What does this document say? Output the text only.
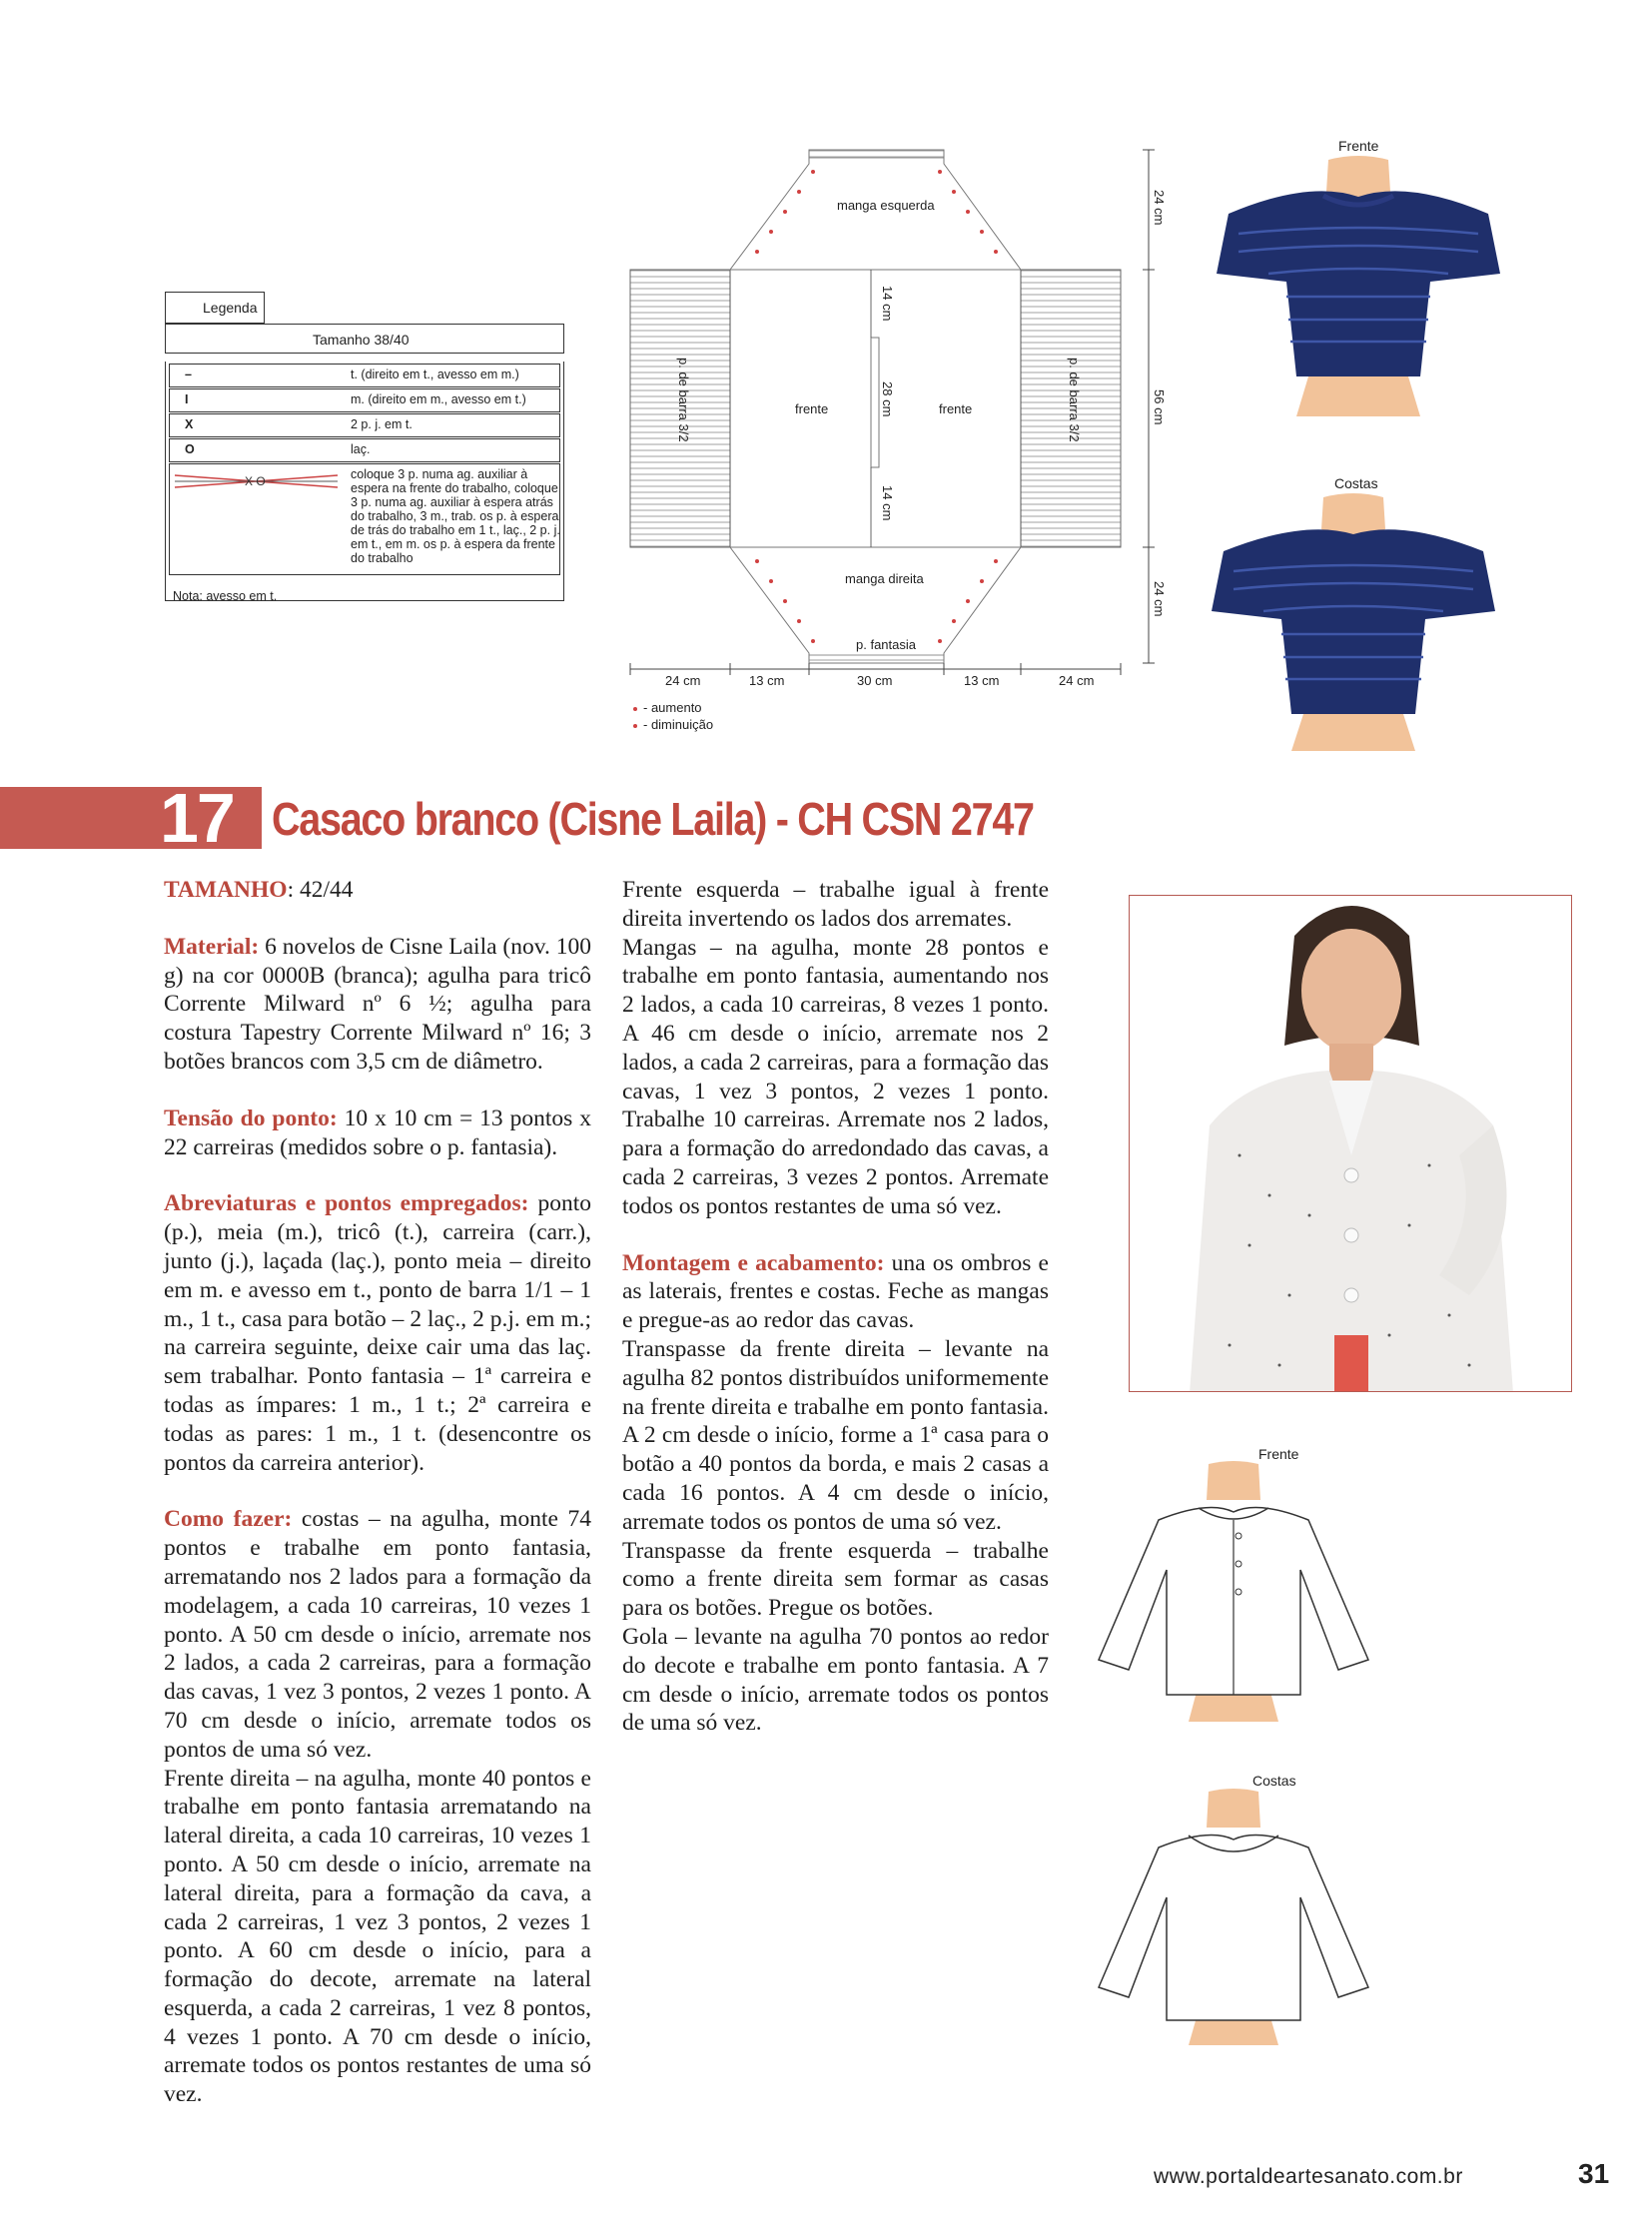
Legenda
Tamanho 38/40
–	t. (direito em t., avesso em m.)
I	m. (direito em m., avesso em t.)
X	2 p. j. em t.
O	laç.
X O	coloque 3 p. numa ag. auxiliar à espera na frente do trabalho, coloque 3 p. numa ag. auxiliar à espera atrás do trabalho, 3 m., trab. os p. à espera de trás do trabalho em 1 t., laç., 2 p. j. em t., em m. os p. à espera da frente do trabalho
Nota: avesso em t.
manga esquerda
manga direita
frente	frente
p. fantasia
p. de barra 3/2	p. de barra 3/2
24 cm
56 cm
24 cm
14 cm
28 cm
14 cm
24 cm	13 cm	30 cm	13 cm	24 cm
- aumento
- diminuição
Frente
Costas
17 Casaco branco (Cisne Laila) - CH CSN 2747

TAMANHO: 42/44

Material: 6 novelos de Cisne Laila (nov. 100 g) na cor 0000B (branca); agulha para tricô Corrente Milward nº 6 ½; agulha para costura Tapestry Corrente Milward nº 16; 3 botões brancos com 3,5 cm de diâmetro.

Tensão do ponto: 10 x 10 cm = 13 pontos x 22 carreiras (medidos sobre o p. fantasia).

Abreviaturas e pontos empregados: ponto (p.), meia (m.), tricô (t.), carreira (carr.), junto (j.), laçada (laç.), ponto meia – direito em m. e avesso em t., ponto de barra 1/1 – 1 m., 1 t., casa para botão – 2 laç., 2 p.j. em m.; na carreira seguinte, deixe cair uma das laç. sem trabalhar. Ponto fantasia – 1ª carreira e todas as ímpares: 1 m., 1 t.; 2ª carreira e todas as pares: 1 m., 1 t. (desencontre os pontos da carreira anterior).

Como fazer: costas – na agulha, monte 74 pontos e trabalhe em ponto fantasia, arrematando nos 2 lados para a formação da modelagem, a cada 10 carreiras, 10 vezes 1 ponto. A 50 cm desde o início, arremate nos 2 lados, a cada 2 carreiras, para a formação das cavas, 1 vez 3 pontos, 2 vezes 1 ponto. A 70 cm desde o início, arremate todos os pontos de uma só vez.

Frente direita – na agulha, monte 40 pontos e trabalhe em ponto fantasia arrematando na lateral direita, a cada 10 carreiras, 10 vezes 1 ponto. A 50 cm desde o início, arremate na lateral direita, para a formação da cava, a cada 2 carreiras, 1 vez 3 pontos, 2 vezes 1 ponto. A 60 cm desde o início, para a formação do decote, arremate na lateral esquerda, a cada 2 carreiras, 1 vez 8 pontos, 4 vezes 1 ponto. A 70 cm desde o início, arremate todos os pontos restantes de uma só vez.

Frente esquerda – trabalhe igual à frente direita invertendo os lados dos arremates.

Mangas – na agulha, monte 28 pontos e trabalhe em ponto fantasia, aumentando nos 2 lados, a cada 10 carreiras, 8 vezes 1 ponto. A 46 cm desde o início, arremate nos 2 lados, a cada 2 carreiras, para a formação das cavas, 1 vez 3 pontos, 2 vezes 1 ponto. Trabalhe 10 carreiras. Arremate nos 2 lados, para a formação do arredondado das cavas, a cada 2 carreiras, 3 vezes 2 pontos. Arremate todos os pontos restantes de uma só vez.

Montagem e acabamento: una os ombros e as laterais, frentes e costas. Feche as mangas e pregue-as ao redor das cavas.

Transpasse da frente direita – levante na agulha 82 pontos distribuídos uniformemente na frente direita e trabalhe em ponto fantasia. A 2 cm desde o início, forme a 1ª casa para o botão a 40 pontos da borda, e mais 2 casas a cada 16 pontos. A 4 cm desde o início, arremate todos os pontos de uma só vez.

Transpasse da frente esquerda – trabalhe como a frente direita sem formar as casas para os botões. Pregue os botões.

Gola – levante na agulha 70 pontos ao redor do decote e trabalhe em ponto fantasia. A 7 cm desde o início, arremate todos os pontos de uma só vez.

Frente
Costas
www.portaldeartesanato.com.br	31
